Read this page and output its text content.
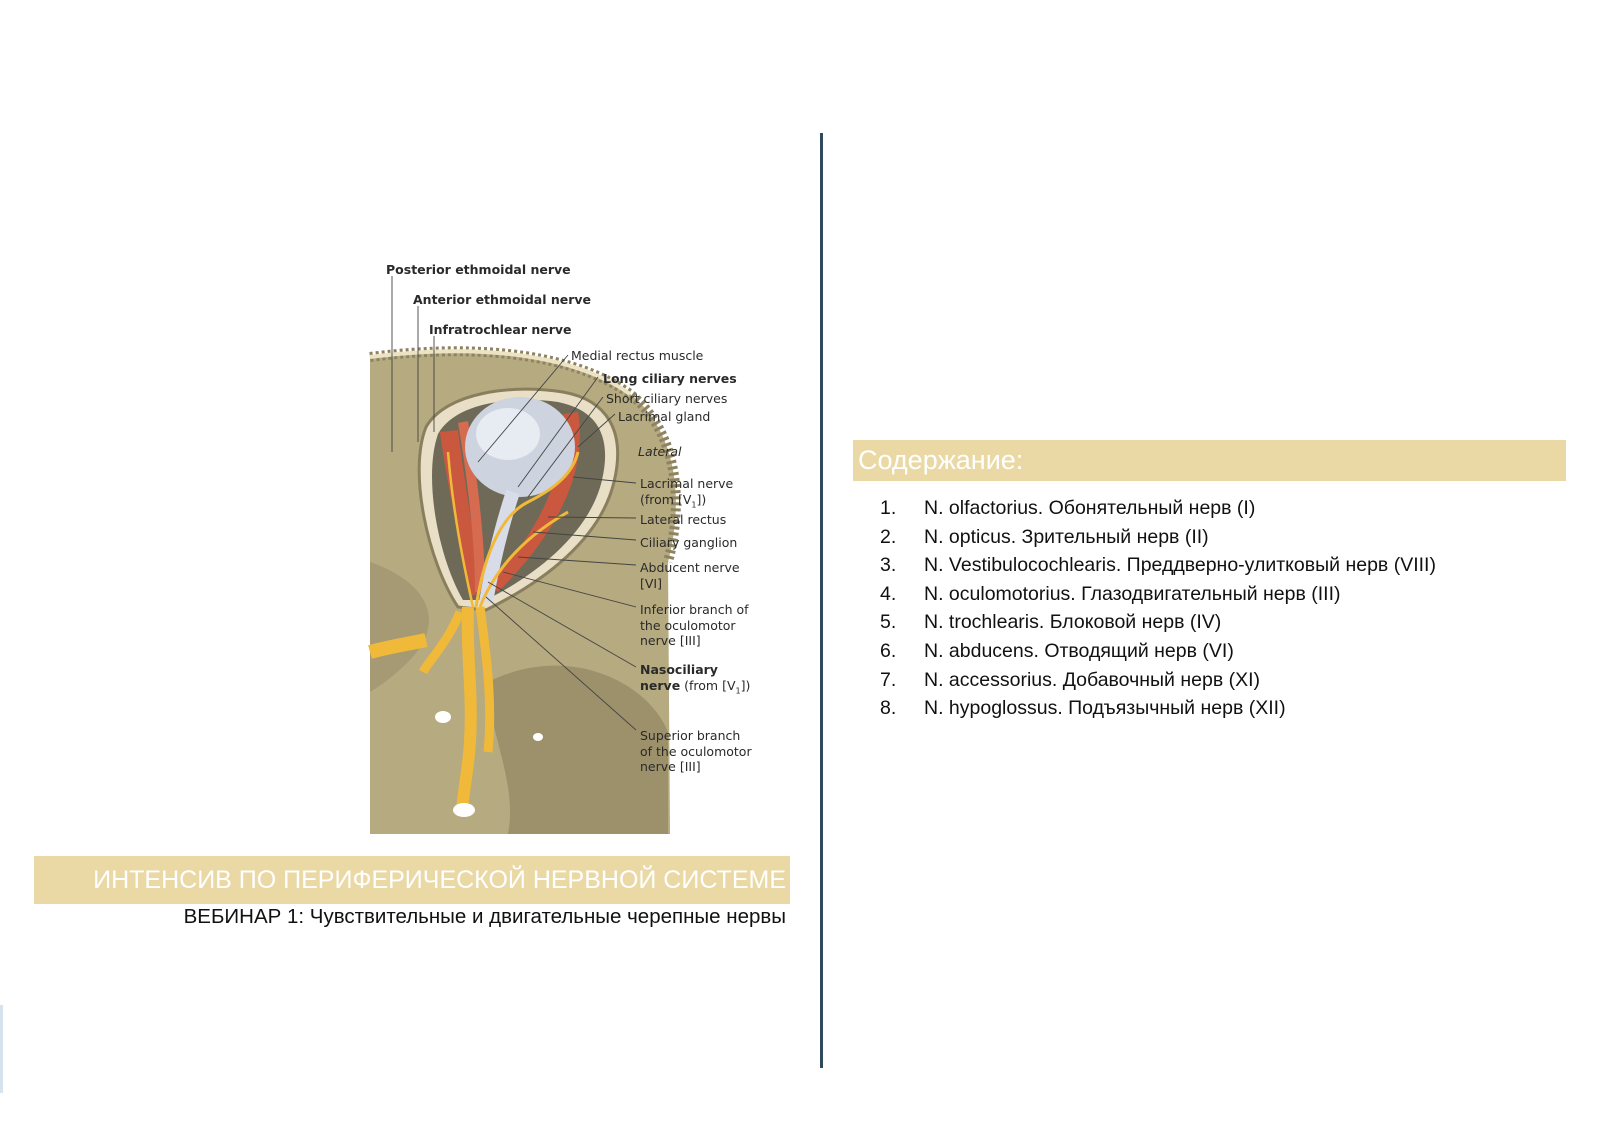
Posterior ethmoidal nerve
Anterior ethmoidal nerve
Infratrochlear nerve
Medial rectus muscle
Long ciliary nerves
Short ciliary nerves
Lacrimal gland
Lateral
Lacrimal nerve
(from $[V_1]$)
Lateral rectus
Ciliary ganglion
Abducent nerve
[VI]
Inferior branch of
the oculomotor
nerve [III]
Nasociliary
nerve (from $[V_1]$)
Superior branch
of the oculomotor
nerve [III]
ИНТЕНСИВ ПО ПЕРИФЕРИЧЕСКОЙ НЕРВНОЙ СИСТЕМЕ
ВЕБИНАР 1: Чувствительные и двигательные черепные нервы
Содержание:
1. N. olfactorius. Обонятельный нерв (I)
2. N. opticus. Зрительный нерв (II)
3. N. Vestibulocochlearis. Преддверно-улитковый нерв (VIII)
4. N. oculomotorius. Глазодвигательный нерв (III)
5. N. trochlearis. Блоковой нерв (IV)
6. N. abducens. Отводящий нерв (VI)
7. N. accessorius. Добавочный нерв (XI)
8. N. hypoglossus. Подъязычный нерв (XII)
